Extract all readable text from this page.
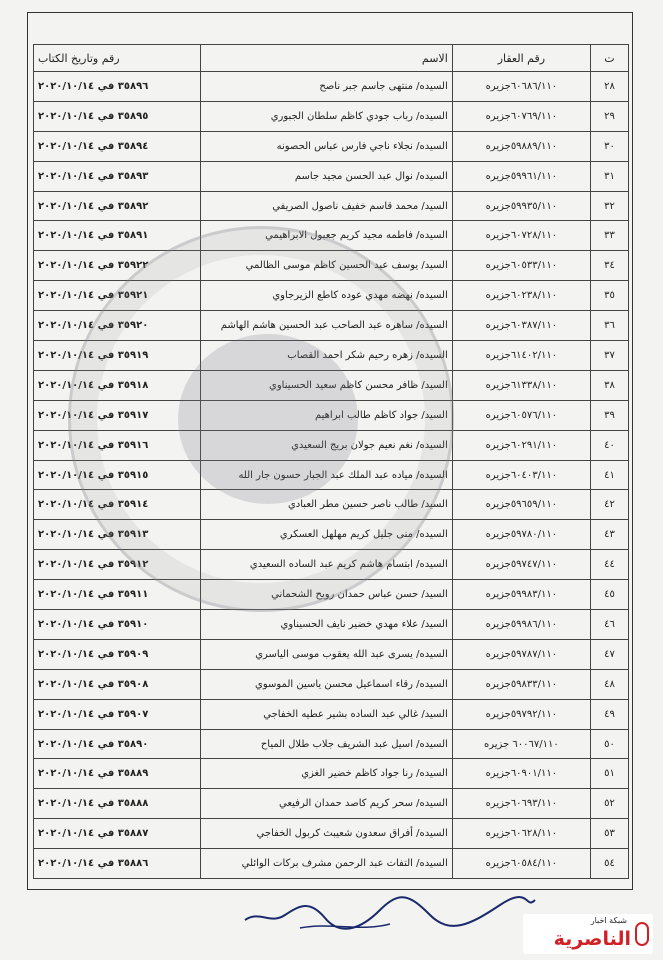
ت	رقم العقار	الاسم	رقم وتاريخ الكتاب
٢٨	٦٠٦٨٦/١١٠جزيره	السيده/ منتهى جاسم جبر ناصح	٣٥٨٩٦ في ٢٠٢٠/١٠/١٤
٢٩	٦٠٧٦٩/١١٠جزيره	السيده/ رباب جودي كاظم سلطان الجبوري	٣٥٨٩٥ في ٢٠٢٠/١٠/١٤
٣٠	٥٩٨٨٩/١١٠جزيره	السيده/ نجلاء ناجي فارس عباس الحصونه	٣٥٨٩٤ في ٢٠٢٠/١٠/١٤
٣١	٥٩٩٦١/١١٠جزيره	السيده/ نوال عبد الحسن مجيد جاسم	٣٥٨٩٣ في ٢٠٢٠/١٠/١٤
٣٢	٥٩٩٣٥/١١٠جزيره	السيد/ محمد قاسم خفيف ناصول الصريفي	٣٥٨٩٢ في ٢٠٢٠/١٠/١٤
٣٣	٦٠٧٢٨/١١٠جزيره	السيده/ فاطمه مجيد كريم جعبول الابراهيمي	٣٥٨٩١ في ٢٠٢٠/١٠/١٤
٣٤	٦٠٥٣٣/١١٠جزيره	السيد/ يوسف عبد الحسين كاظم موسى الظالمي	٣٥٩٢٢ في ٢٠٢٠/١٠/١٤
٣٥	٦٠٢٣٨/١١٠جزيره	السيده/ نهضه مهدي عوده كاطع الزيرجاوي	٣٥٩٢١ في ٢٠٢٠/١٠/١٤
٣٦	٦٠٣٨٧/١١٠جزيره	السيده/ ساهره عبد الصاحب عبد الحسين هاشم الهاشم	٣٥٩٢٠ في ٢٠٢٠/١٠/١٤
٣٧	٦١٤٠٢/١١٠جزيره	السيده/ زهره رحيم شكر احمد القصاب	٣٥٩١٩ في ٢٠٢٠/١٠/١٤
٣٨	٦١٣٣٨/١١٠جزيره	السيد/ ظافر محسن كاظم سعيد الحسيناوي	٣٥٩١٨ في ٢٠٢٠/١٠/١٤
٣٩	٦٠٥٧٦/١١٠جزيره	السيد/ جواد كاظم طالب ابراهيم	٣٥٩١٧ في ٢٠٢٠/١٠/١٤
٤٠	٦٠٢٩١/١١٠جزيره	السيده/ نغم نعيم جولان بريج السعيدي	٣٥٩١٦ في ٢٠٢٠/١٠/١٤
٤١	٦٠٤٠٣/١١٠جزيره	السيده/ مياده عبد الملك عبد الجبار حسون جار الله	٣٥٩١٥ في ٢٠٢٠/١٠/١٤
٤٢	٥٩٦٥٩/١١٠جزيره	السيد/ طالب ناصر حسين مطر العبادي	٣٥٩١٤ في ٢٠٢٠/١٠/١٤
٤٣	٥٩٧٨٠/١١٠جزيره	السيده/ منى جليل كريم مهلهل العسكري	٣٥٩١٣ في ٢٠٢٠/١٠/١٤
٤٤	٥٩٧٤٧/١١٠جزيره	السيده/ ابتسام هاشم كريم عبد الساده السعيدي	٣٥٩١٢ في ٢٠٢٠/١٠/١٤
٤٥	٥٩٩٨٣/١١٠جزيره	السيد/ حسن عباس حمدان رويح الشحماني	٣٥٩١١ في ٢٠٢٠/١٠/١٤
٤٦	٥٩٩٨٦/١١٠جزيره	السيد/ علاء مهدي خضير نايف الحسيناوي	٣٥٩١٠ في ٢٠٢٠/١٠/١٤
٤٧	٥٩٧٨٧/١١٠جزيره	السيده/ يسرى عبد الله يعقوب موسى الياسري	٣٥٩٠٩ في ٢٠٢٠/١٠/١٤
٤٨	٥٩٨٣٣/١١٠جزيره	السيده/ رقاء اسماعيل محسن ياسين الموسوي	٣٥٩٠٨ في ٢٠٢٠/١٠/١٤
٤٩	٥٩٧٩٢/١١٠جزيره	السيد/ غالي عبد الساده بشير عطيه الخفاجي	٣٥٩٠٧ في ٢٠٢٠/١٠/١٤
٥٠	٦٠٠٦٧/١١٠ جزيره	السيده/ اسيل عبد الشريف جلاب طلال المياح	٣٥٨٩٠ في ٢٠٢٠/١٠/١٤
٥١	٦٠٩٠١/١١٠جزيره	السيده/ رنا جواد كاظم خضير الغزي	٣٥٨٨٩ في ٢٠٢٠/١٠/١٤
٥٢	٦٠٦٩٣/١١٠جزيره	السيده/ سحر كريم كاصد حمدان الرفيعي	٣٥٨٨٨ في ٢٠٢٠/١٠/١٤
٥٣	٦٠٦٢٨/١١٠جزيره	السيده/ أفراق سعدون شعيبث كربول الخفاجي	٣٥٨٨٧ في ٢٠٢٠/١٠/١٤
٥٤	٦٠٥٨٤/١١٠جزيره	السيده/ التفات عبد الرحمن مشرف بركات الوائلي	٣٥٨٨٦ في ٢٠٢٠/١٠/١٤
شبكة اخبار
الناصرية
